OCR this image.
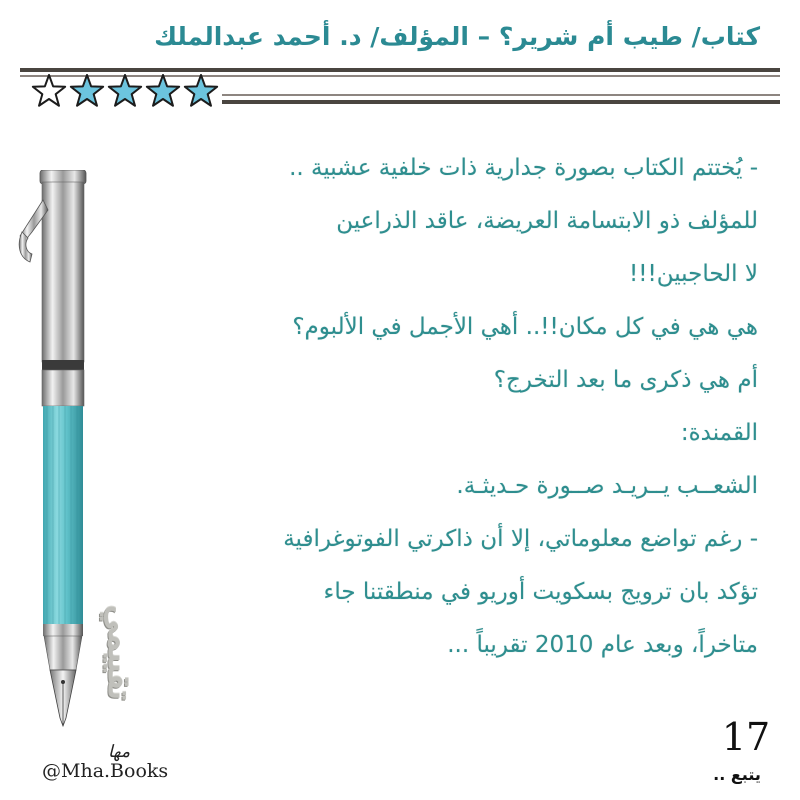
كتاب/ طيب أم شرير؟ – المؤلف/ د. أحمد عبدالملك
تقييمي
- يُختتم الكتاب بصورة جدارية ذات خلفية عشبية ..
للمؤلف ذو الابتسامة العريضة، عاقد الذراعين
لا الحاجبين!!!
هي هي في كل مكان!!.. أهي الأجمل في الألبوم؟
أم هي ذكرى ما بعد التخرج؟
القمندة:
الشعــب يــريـد صــورة حـديثـة.
- رغم تواضع معلوماتي، إلا أن ذاكرتي الفوتوغرافية
تؤكد بان ترويج بسكويت أوريو في منطقتنا جاء
متاخراً، وبعد عام 2010 تقريباً ...
مها
@Mha.Books
17
يتبع ..
